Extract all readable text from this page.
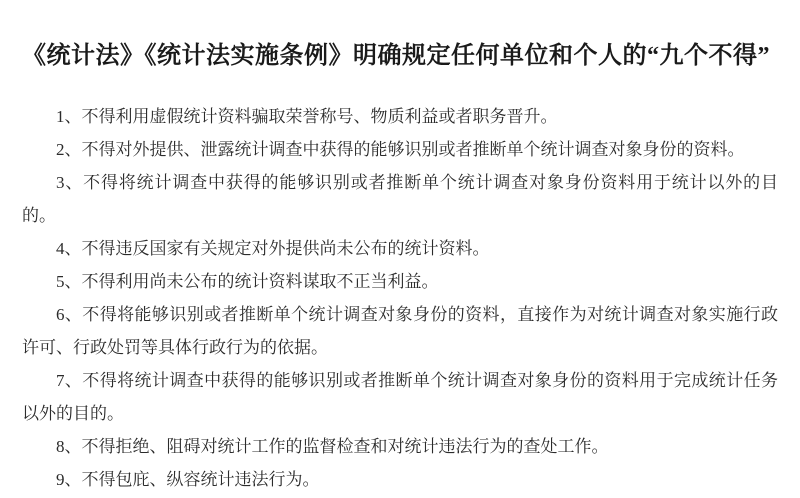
《统计法》《统计法实施条例》明确规定任何单位和个人的“九个不得”

1、不得利用虚假统计资料骗取荣誉称号、物质利益或者职务晋升。

2、不得对外提供、泄露统计调查中获得的能够识别或者推断单个统计调查对象身份的资料。

3、不得将统计调查中获得的能够识别或者推断单个统计调查对象身份资料用于统计以外的目的。

4、不得违反国家有关规定对外提供尚未公布的统计资料。

5、不得利用尚未公布的统计资料谋取不正当利益。

6、不得将能够识别或者推断单个统计调查对象身份的资料，直接作为对统计调查对象实施行政许可、行政处罚等具体行政行为的依据。

7、不得将统计调查中获得的能够识别或者推断单个统计调查对象身份的资料用于完成统计任务以外的目的。

8、不得拒绝、阻碍对统计工作的监督检查和对统计违法行为的查处工作。

9、不得包庇、纵容统计违法行为。
